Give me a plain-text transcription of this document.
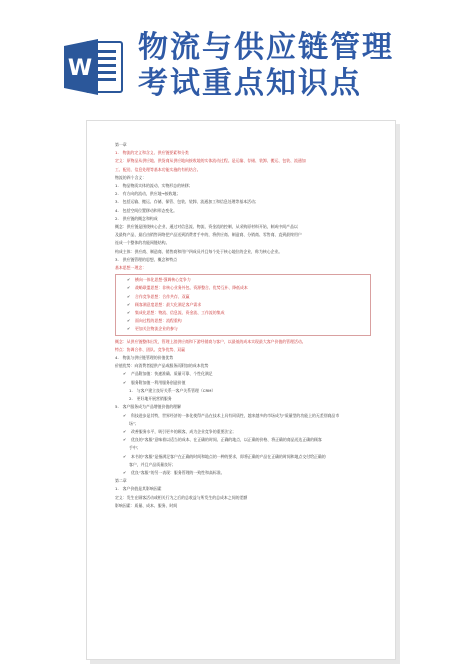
W
物流与供应链管理
考试重点知识点
第一章
1.　物流的定义和含义、供应链要素和分类
定义：原物品从供应地、供货商从供应地向接收地的实体流动过程。是运输、存储、装卸、搬运、包装、流通加
工、配送、信息处理等基本功能实施的有机结合。
物流的四个含义：
1.　物品物质实体的流动、实物形态的转移；
2.　有方向的流动，供应地→接收地；
3.　包括运输、搬运、存储、保管、包装、装卸、流通加工和信息处理等基本活动；
4.　包括空间位置移动和形态变化。
2.　供应链的概念和构成
概念：供应链是围绕核心企业，通过对信息流、物流、资金流的控制，从采购原材料开始，制成中间产品以
及最终产品，最后由销售网络把产品送到消费者手中的，将供应商、制造商、分销商、零售商、直到最终用户
连成一个整体的功能网链结构。
构成主体：供应商、制造商、销售商和用户四成员并且每个处于核心地位的企业，称为核心企业。
3.　供应链管理的思想、概念和特点
基本思想一理念：
✔ 横向一体化思想·强调核心竞争力
✔ 战略联盟思想：非核心业务外包、资源整合、优势互补、降低成本
✔ 合作竞争思想：合作共存、双赢
✔ 顾客满意度思想：最大化满足客户需求
✔ 集成化思想：物流、信息流、资金流、工作流的集成
✔ 面向过程的思想：流程重构
✔ 更加关注物流企业的参与
概念：从供应链整体出发，管理上游供应商和下游经销商与客户，以最低的成本实现最大客户价值的管理活动。
特点：协调合作、团队、竞争优势、双赢
4.　物流与供应链管理的价值优势
价值优势：向消费者提供产品或服务而附加的成本优势
✔ 产品附加值：快速准确、质量可靠、个性化满足
✔ 服务附加值一利用服务创造价值
1.　与客户建立良好关系一客户关系管理（CRM）
2.　更好地开展营销服务
5.　客户服务成为产品增值价值的理解
✔ 科技进步是其特，世界经济的一体化使得产品在技术上具有同质性，越来越多的市场成为“质量型的功能上的无差别商品市
场”；
✔ 改善服务水平，吸引更多的顾客，成为企业竞争的重要法宝；
✔ 优良的“客服”意味着以适当的成本、在正确的时间、正确的地点，以正确的价格、将正确的商品送达正确的顾客
手中；
✔ 本书的“客服”是指满足客户在正确的时间和地点的一种的要求，即将正确的产品在正确的时间和地点交付给正确的
客户，并且产品质量良好；
✔ 优良“客服”的另一表现：服务管理的一致性和高标准。
第二章
1.　客户价值是其影响因素
定义：发生在顾客活动或相关行为之后的总收益与所发生的总成本之间的差额
影响因素：质量、成本、服务、时间
